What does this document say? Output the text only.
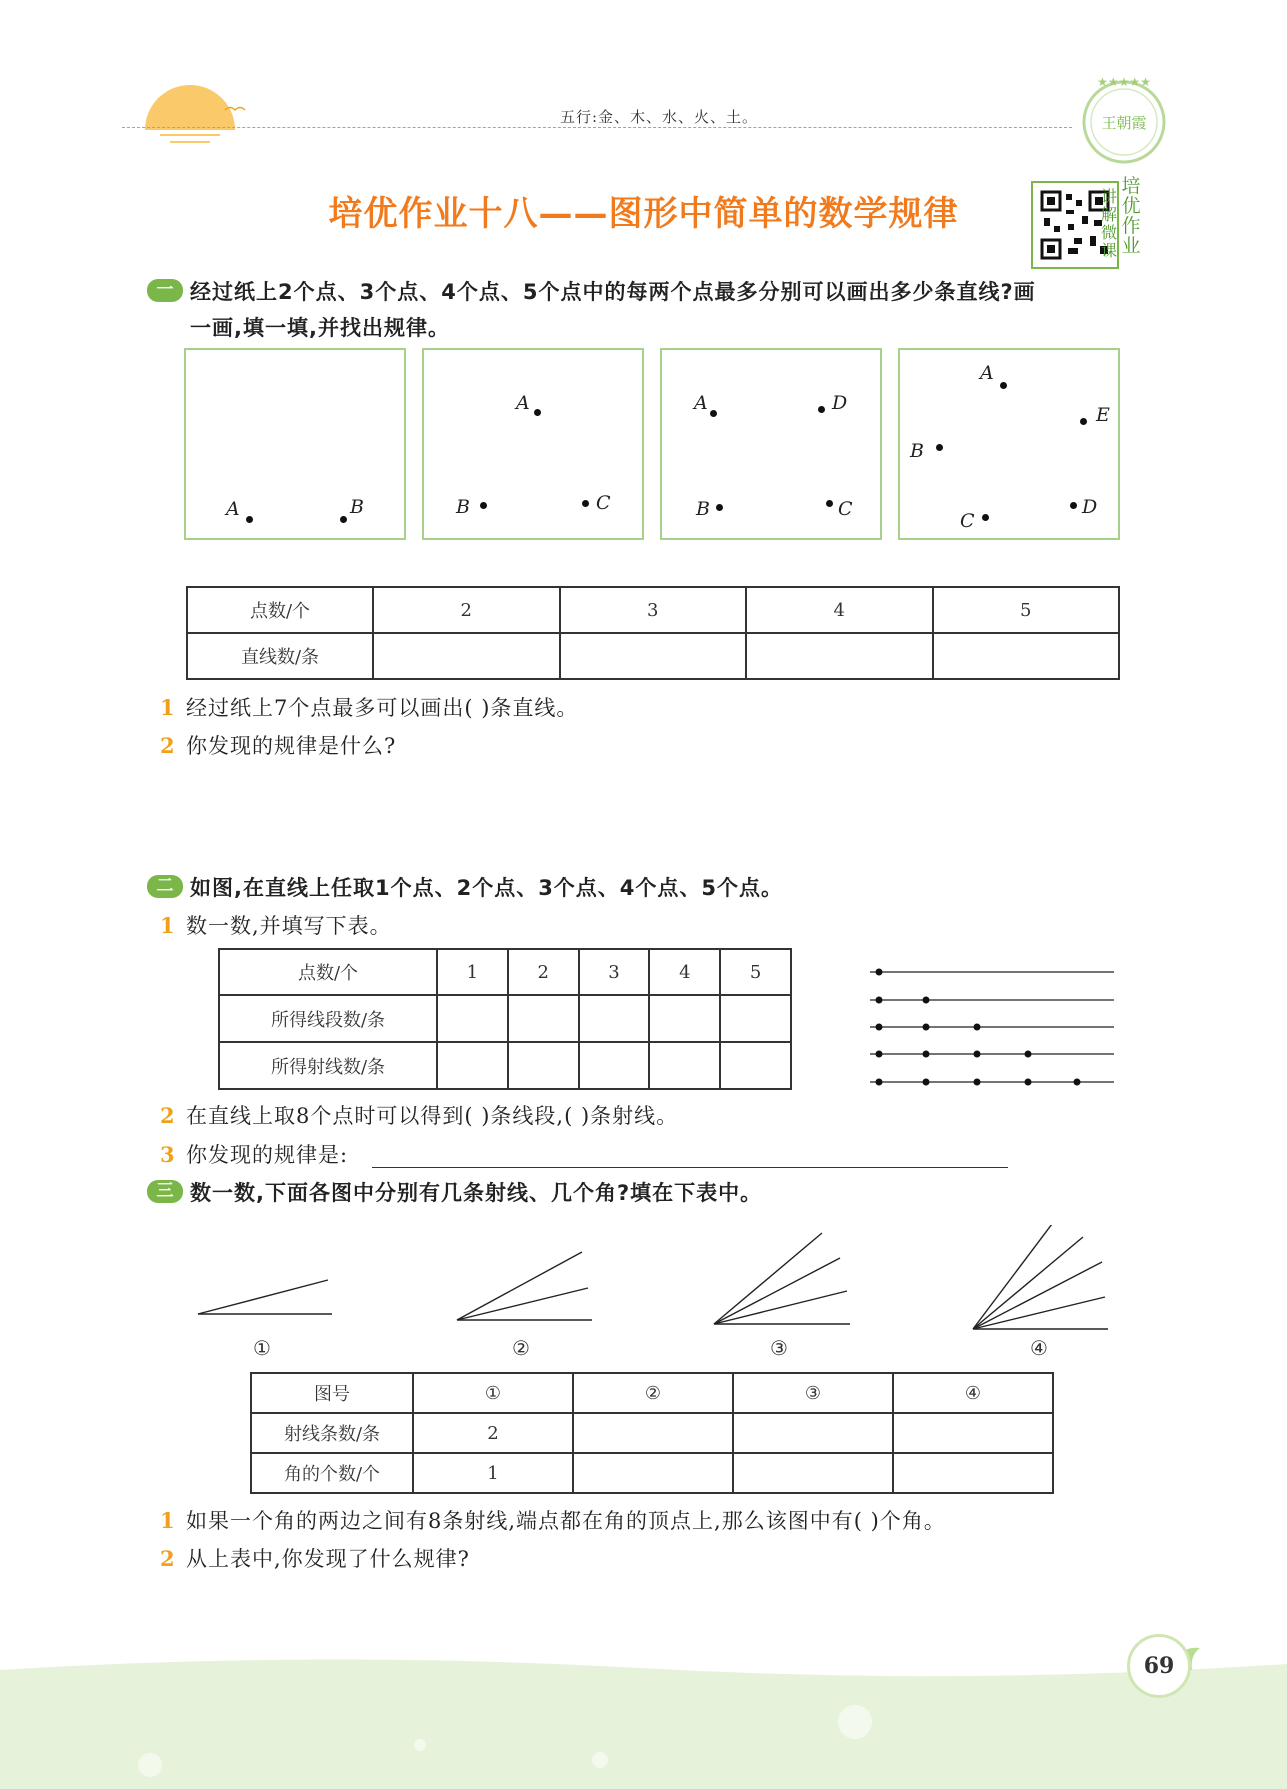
五行:金、木、水、火、土。	王朝霞
★★★★★
培优作业十八——图形中简单的数学规律
培优作业
讲解微课
一 经过纸上2个点、3个点、4个点、5个点中的每两个点最多分别可以画出多少条直线?画
一画,填一填,并找出规律。
A	B
A
B	C
A	D
B	C
A
E
B
C
D
点数/个	2	3	4	5
直线数/条				
1 经过纸上7个点最多可以画出( )条直线。
2 你发现的规律是什么?
二 如图,在直线上任取1个点、2个点、3个点、4个点、5个点。
1 数一数,并填写下表。
点数/个	1	2	3	4	5
所得线段数/条					
所得射线数/条					
2 在直线上取8个点时可以得到( )条线段,( )条射线。
3 你发现的规律是:
三 数一数,下面各图中分别有几条射线、几个角?填在下表中。
①	②	③	④
图号	①	②	③	④
射线条数/条	2			
角的个数/个	1			
1 如果一个角的两边之间有8条射线,端点都在角的顶点上,那么该图中有( )个角。
2 从上表中,你发现了什么规律?
69
